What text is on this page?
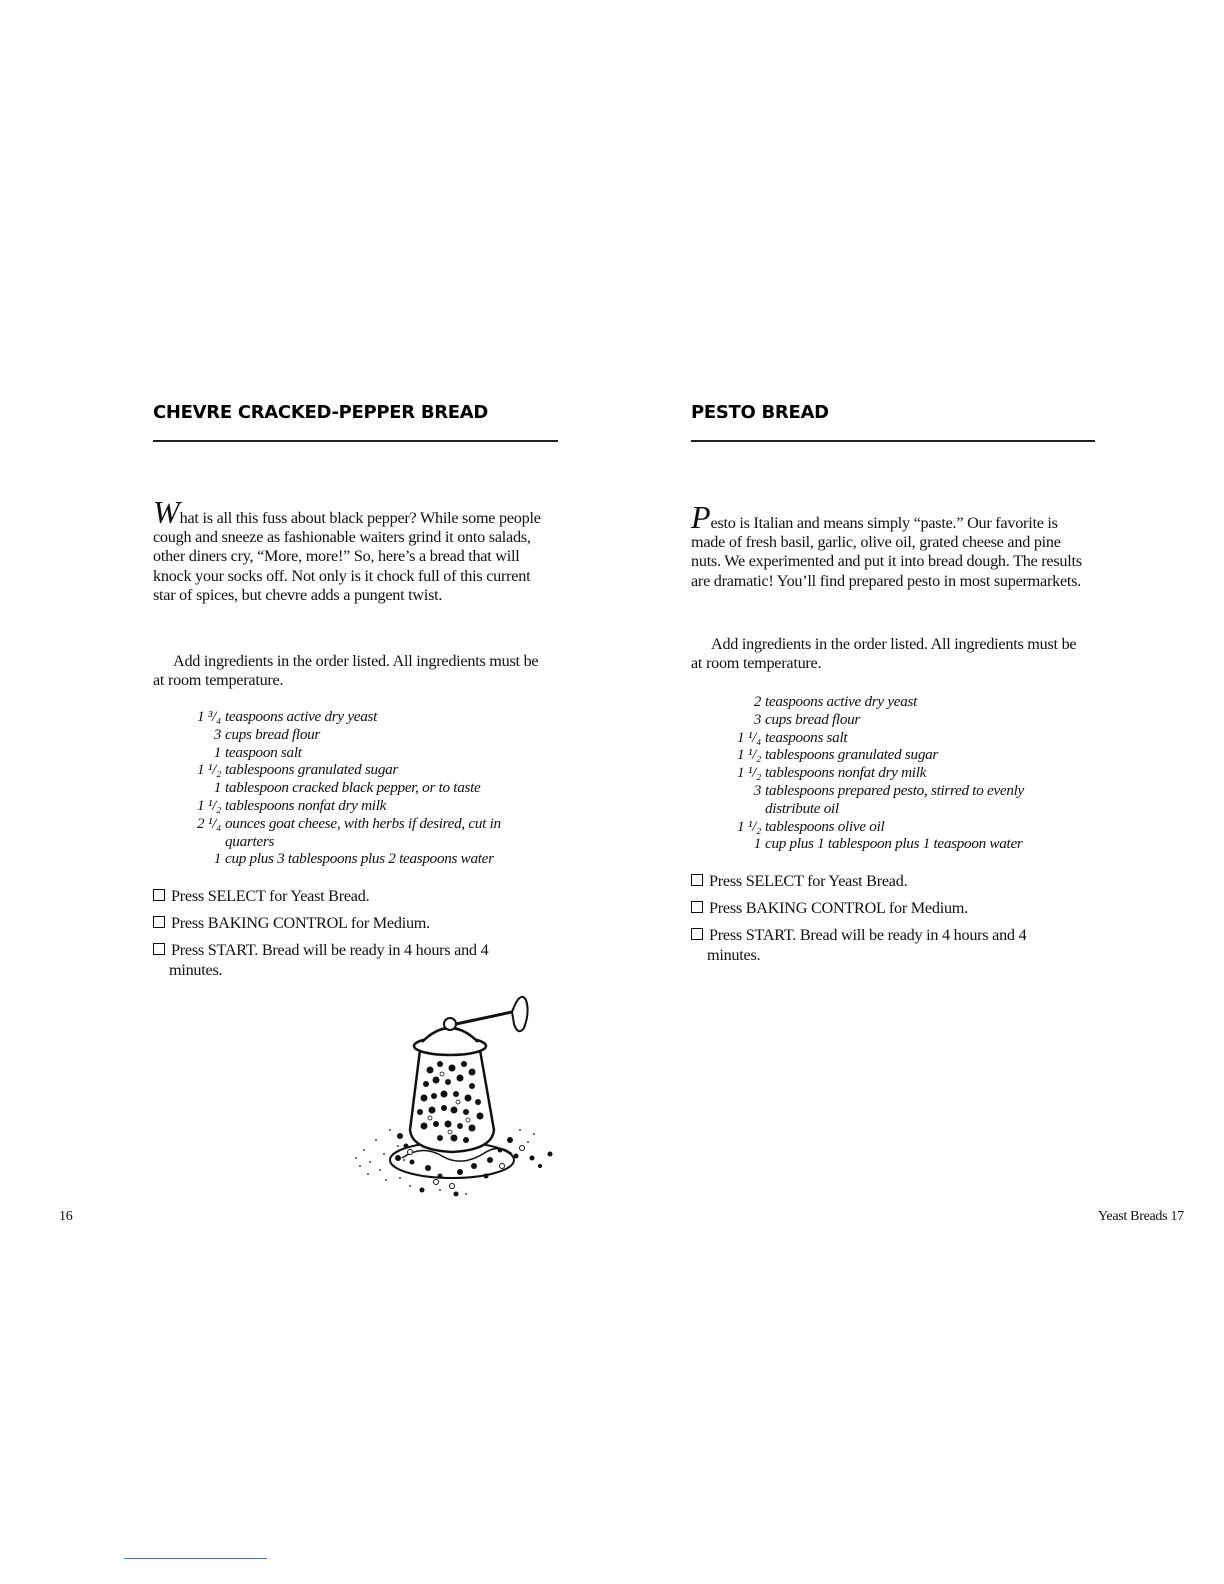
CHEVRE CRACKED-PEPPER BREAD
What is all this fuss about black pepper? While some people cough and sneeze as fashionable waiters grind it onto salads, other diners cry, “More, more!” So, here’s a bread that will knock your socks off. Not only is it chock full of this current star of spices, but chevre adds a pungent twist.
Add ingredients in the order listed. All ingredients must be at room temperature.
1 ³/₄ teaspoons active dry yeast
3 cups bread flour
1 teaspoon salt
1 ¹/₂ tablespoons granulated sugar
1 tablespoon cracked black pepper, or to taste
1 ¹/₂ tablespoons nonfat dry milk
2 ¹/₄ ounces goat cheese, with herbs if desired, cut in quarters
1 cup plus 3 tablespoons plus 2 teaspoons water
Press SELECT for Yeast Bread.
Press BAKING CONTROL for Medium.
Press START. Bread will be ready in 4 hours and 4 minutes.
PESTO BREAD
Pesto is Italian and means simply “paste.” Our favorite is made of fresh basil, garlic, olive oil, grated cheese and pine nuts. We experimented and put it into bread dough. The results are dramatic! You’ll find prepared pesto in most supermarkets.
Add ingredients in the order listed. All ingredients must be at room temperature.
2 teaspoons active dry yeast
3 cups bread flour
1 ¹/₄ teaspoons salt
1 ¹/₂ tablespoons granulated sugar
1 ¹/₂ tablespoons nonfat dry milk
3 tablespoons prepared pesto, stirred to evenly distribute oil
1 ¹/₂ tablespoons olive oil
1 cup plus 1 tablespoon plus 1 teaspoon water
Press SELECT for Yeast Bread.
Press BAKING CONTROL for Medium.
Press START. Bread will be ready in 4 hours and 4 minutes.
16	Yeast Breads 17
